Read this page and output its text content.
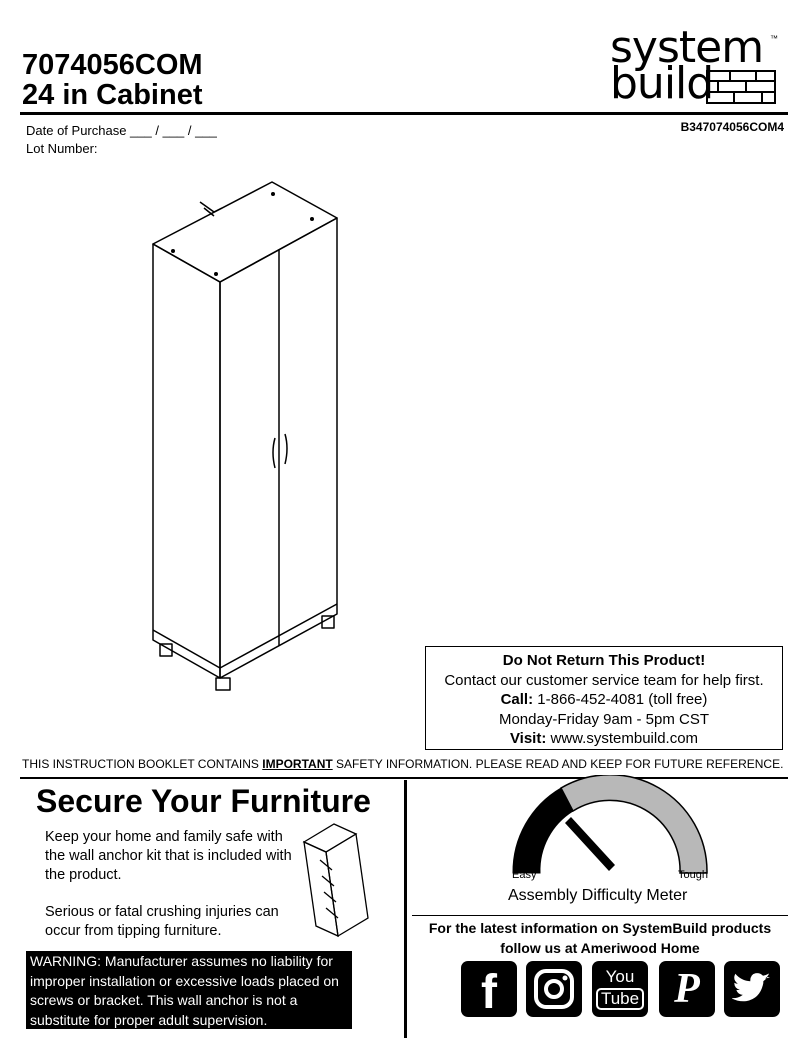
7074056COM
24 in Cabinet
system
build
™
Date of Purchase ___ / ___ / ___
Lot Number:
B347074056COM4
Do Not Return This Product!
Contact our customer service team for help first.
Call: 1-866-452-4081 (toll free)
Monday-Friday 9am - 5pm CST
Visit: www.systembuild.com
THIS INSTRUCTION BOOKLET CONTAINS IMPORTANT SAFETY INFORMATION. PLEASE READ AND KEEP FOR FUTURE REFERENCE.
Secure Your Furniture
Keep your home and family safe with the wall anchor kit that is included with the product.
Serious or fatal crushing injuries can occur from tipping furniture.
WARNING: Manufacturer assumes no liability for improper installation or excessive loads placed on screws or bracket. This wall anchor is not a substitute for proper adult supervision.
Easy	Tough
Assembly Difficulty Meter
For the latest information on SystemBuild products
follow us at Ameriwood Home
f	You
Tube P
